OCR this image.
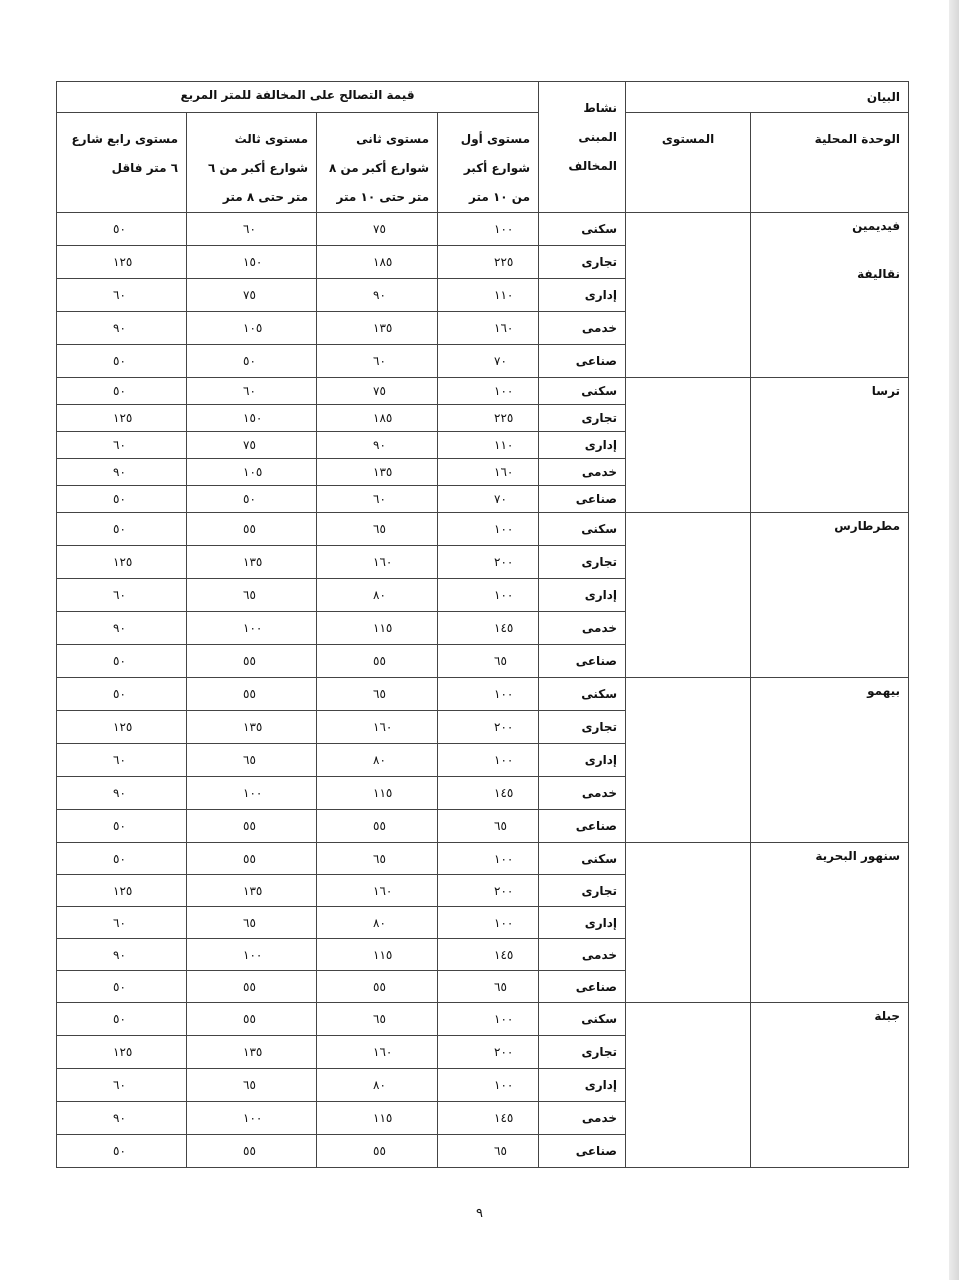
البيان		نشاط المبنى المخالف	قيمة التصالح على المخالفة للمتر المربع			
الوحدة المحلية	المستوى		مستوى أول شوارع أكبر من ١٠ متر	مستوى ثانى شوارع أكبر من ٨ متر حتى ١٠ متر	مستوى ثالث شوارع أكبر من ٦ متر حتى ٨ متر	مستوى رابع شارع ٦ متر فاقل

فيديمين
نقاليفة		سكنى	١٠٠	٧٥	٦٠	٥٠
		تجارى	٢٢٥	١٨٥	١٥٠	١٢٥
		إدارى	١١٠	٩٠	٧٥	٦٠
		خدمى	١٦٠	١٣٥	١٠٥	٩٠
		صناعى	٧٠	٦٠	٥٠	٥٠

ترسا		سكنى	١٠٠	٧٥	٦٠	٥٠
		تجارى	٢٢٥	١٨٥	١٥٠	١٢٥
		إدارى	١١٠	٩٠	٧٥	٦٠
		خدمى	١٦٠	١٣٥	١٠٥	٩٠
		صناعى	٧٠	٦٠	٥٠	٥٠

مطرطارس		سكنى	١٠٠	٦٥	٥٥	٥٠
		تجارى	٢٠٠	١٦٠	١٣٥	١٢٥
		إدارى	١٠٠	٨٠	٦٥	٦٠
		خدمى	١٤٥	١١٥	١٠٠	٩٠
		صناعى	٦٥	٥٥	٥٥	٥٠

بيهمو		سكنى	١٠٠	٦٥	٥٥	٥٠
		تجارى	٢٠٠	١٦٠	١٣٥	١٢٥
		إدارى	١٠٠	٨٠	٦٥	٦٠
		خدمى	١٤٥	١١٥	١٠٠	٩٠
		صناعى	٦٥	٥٥	٥٥	٥٠

سنهور البحرية		سكنى	١٠٠	٦٥	٥٥	٥٠
		تجارى	٢٠٠	١٦٠	١٣٥	١٢٥
		إدارى	١٠٠	٨٠	٦٥	٦٠
		خدمى	١٤٥	١١٥	١٠٠	٩٠
		صناعى	٦٥	٥٥	٥٥	٥٠

جبلة		سكنى	١٠٠	٦٥	٥٥	٥٠
		تجارى	٢٠٠	١٦٠	١٣٥	١٢٥
		إدارى	١٠٠	٨٠	٦٥	٦٠
		خدمى	١٤٥	١١٥	١٠٠	٩٠
		صناعى	٦٥	٥٥	٥٥	٥٠
٩
